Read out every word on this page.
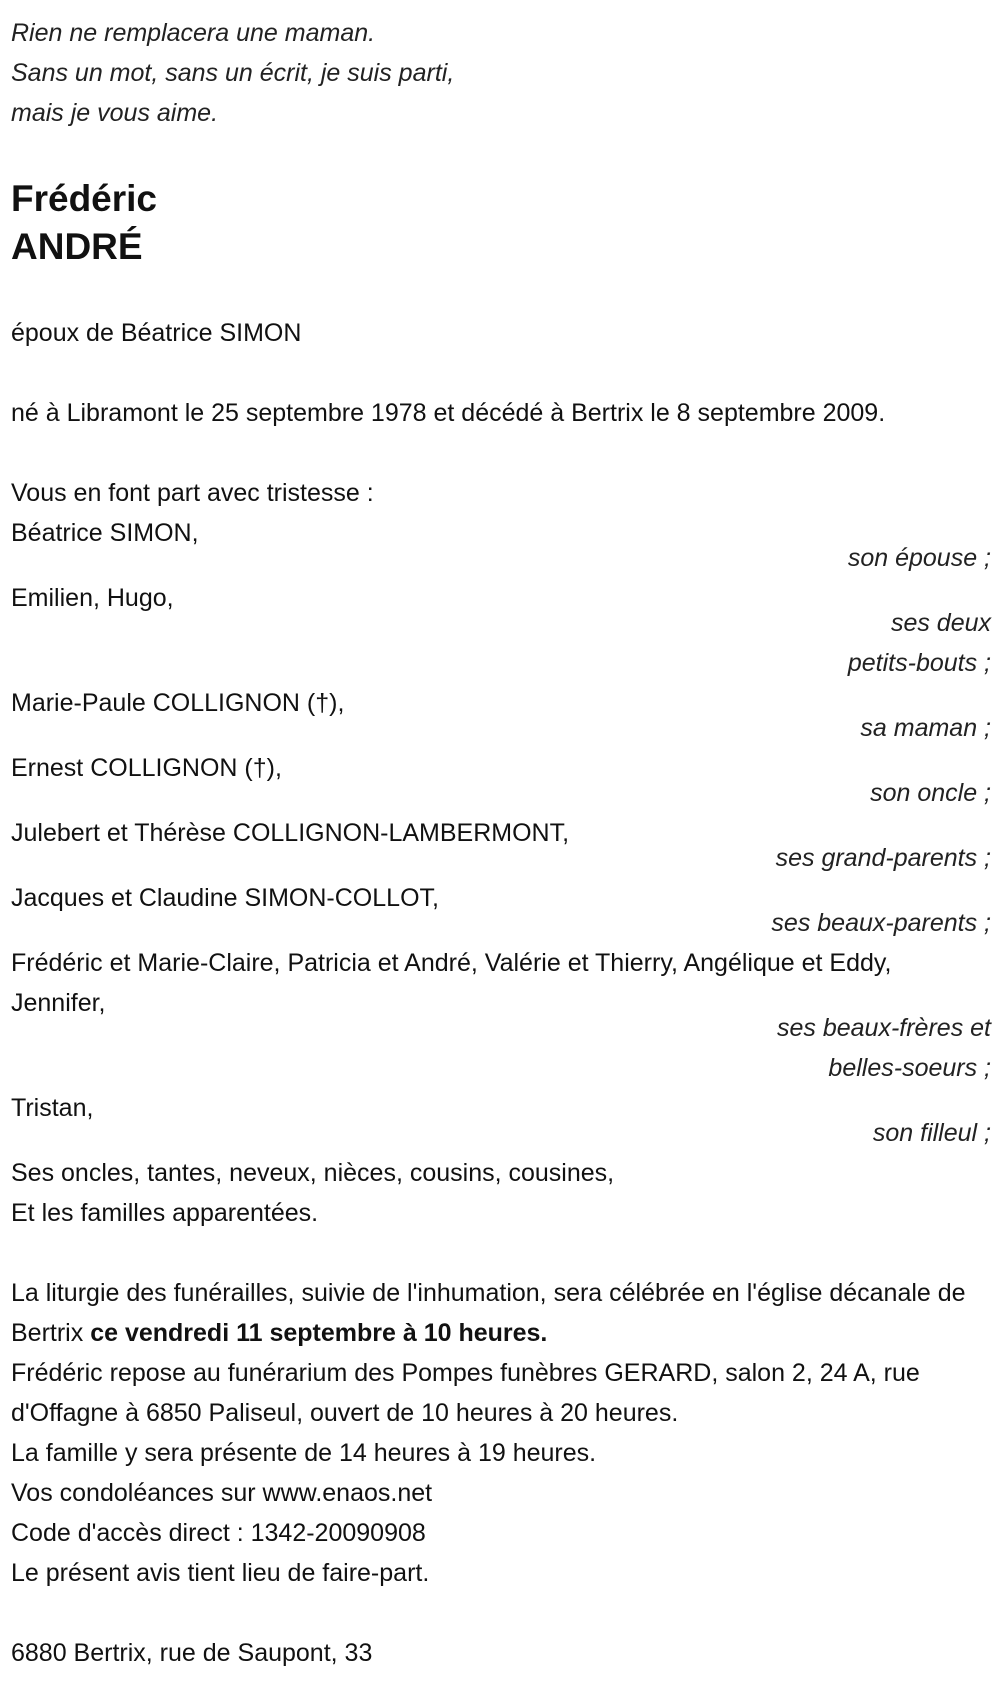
Rien ne remplacera une maman.
Sans un mot, sans un écrit, je suis parti,
mais je vous aime.
Frédéric
ANDRÉ
époux de Béatrice SIMON
né à Libramont le 25 septembre 1978 et décédé à Bertrix le 8 septembre 2009.
Vous en font part avec tristesse :
Béatrice SIMON,
son épouse ;
Emilien, Hugo,
ses deux
petits-bouts ;
Marie-Paule COLLIGNON (†),
sa maman ;
Ernest COLLIGNON (†),
son oncle ;
Julebert et Thérèse COLLIGNON-LAMBERMONT,
ses grand-parents ;
Jacques et Claudine SIMON-COLLOT,
ses beaux-parents ;
Frédéric et Marie-Claire, Patricia et André, Valérie et Thierry, Angélique et Eddy, Jennifer,
ses beaux-frères et
belles-soeurs ;
Tristan,
son filleul ;
Ses oncles, tantes, neveux, nièces, cousins, cousines,
Et les familles apparentées.
La liturgie des funérailles, suivie de l'inhumation, sera célébrée en l'église décanale de Bertrix ce vendredi 11 septembre à 10 heures.
Frédéric repose au funérarium des Pompes funèbres GERARD, salon 2, 24 A, rue d'Offagne à 6850 Paliseul, ouvert de 10 heures à 20 heures.
La famille y sera présente de 14 heures à 19 heures.
Vos condoléances sur www.enaos.net
Code d'accès direct : 1342-20090908
Le présent avis tient lieu de faire-part.
6880 Bertrix, rue de Saupont, 33
